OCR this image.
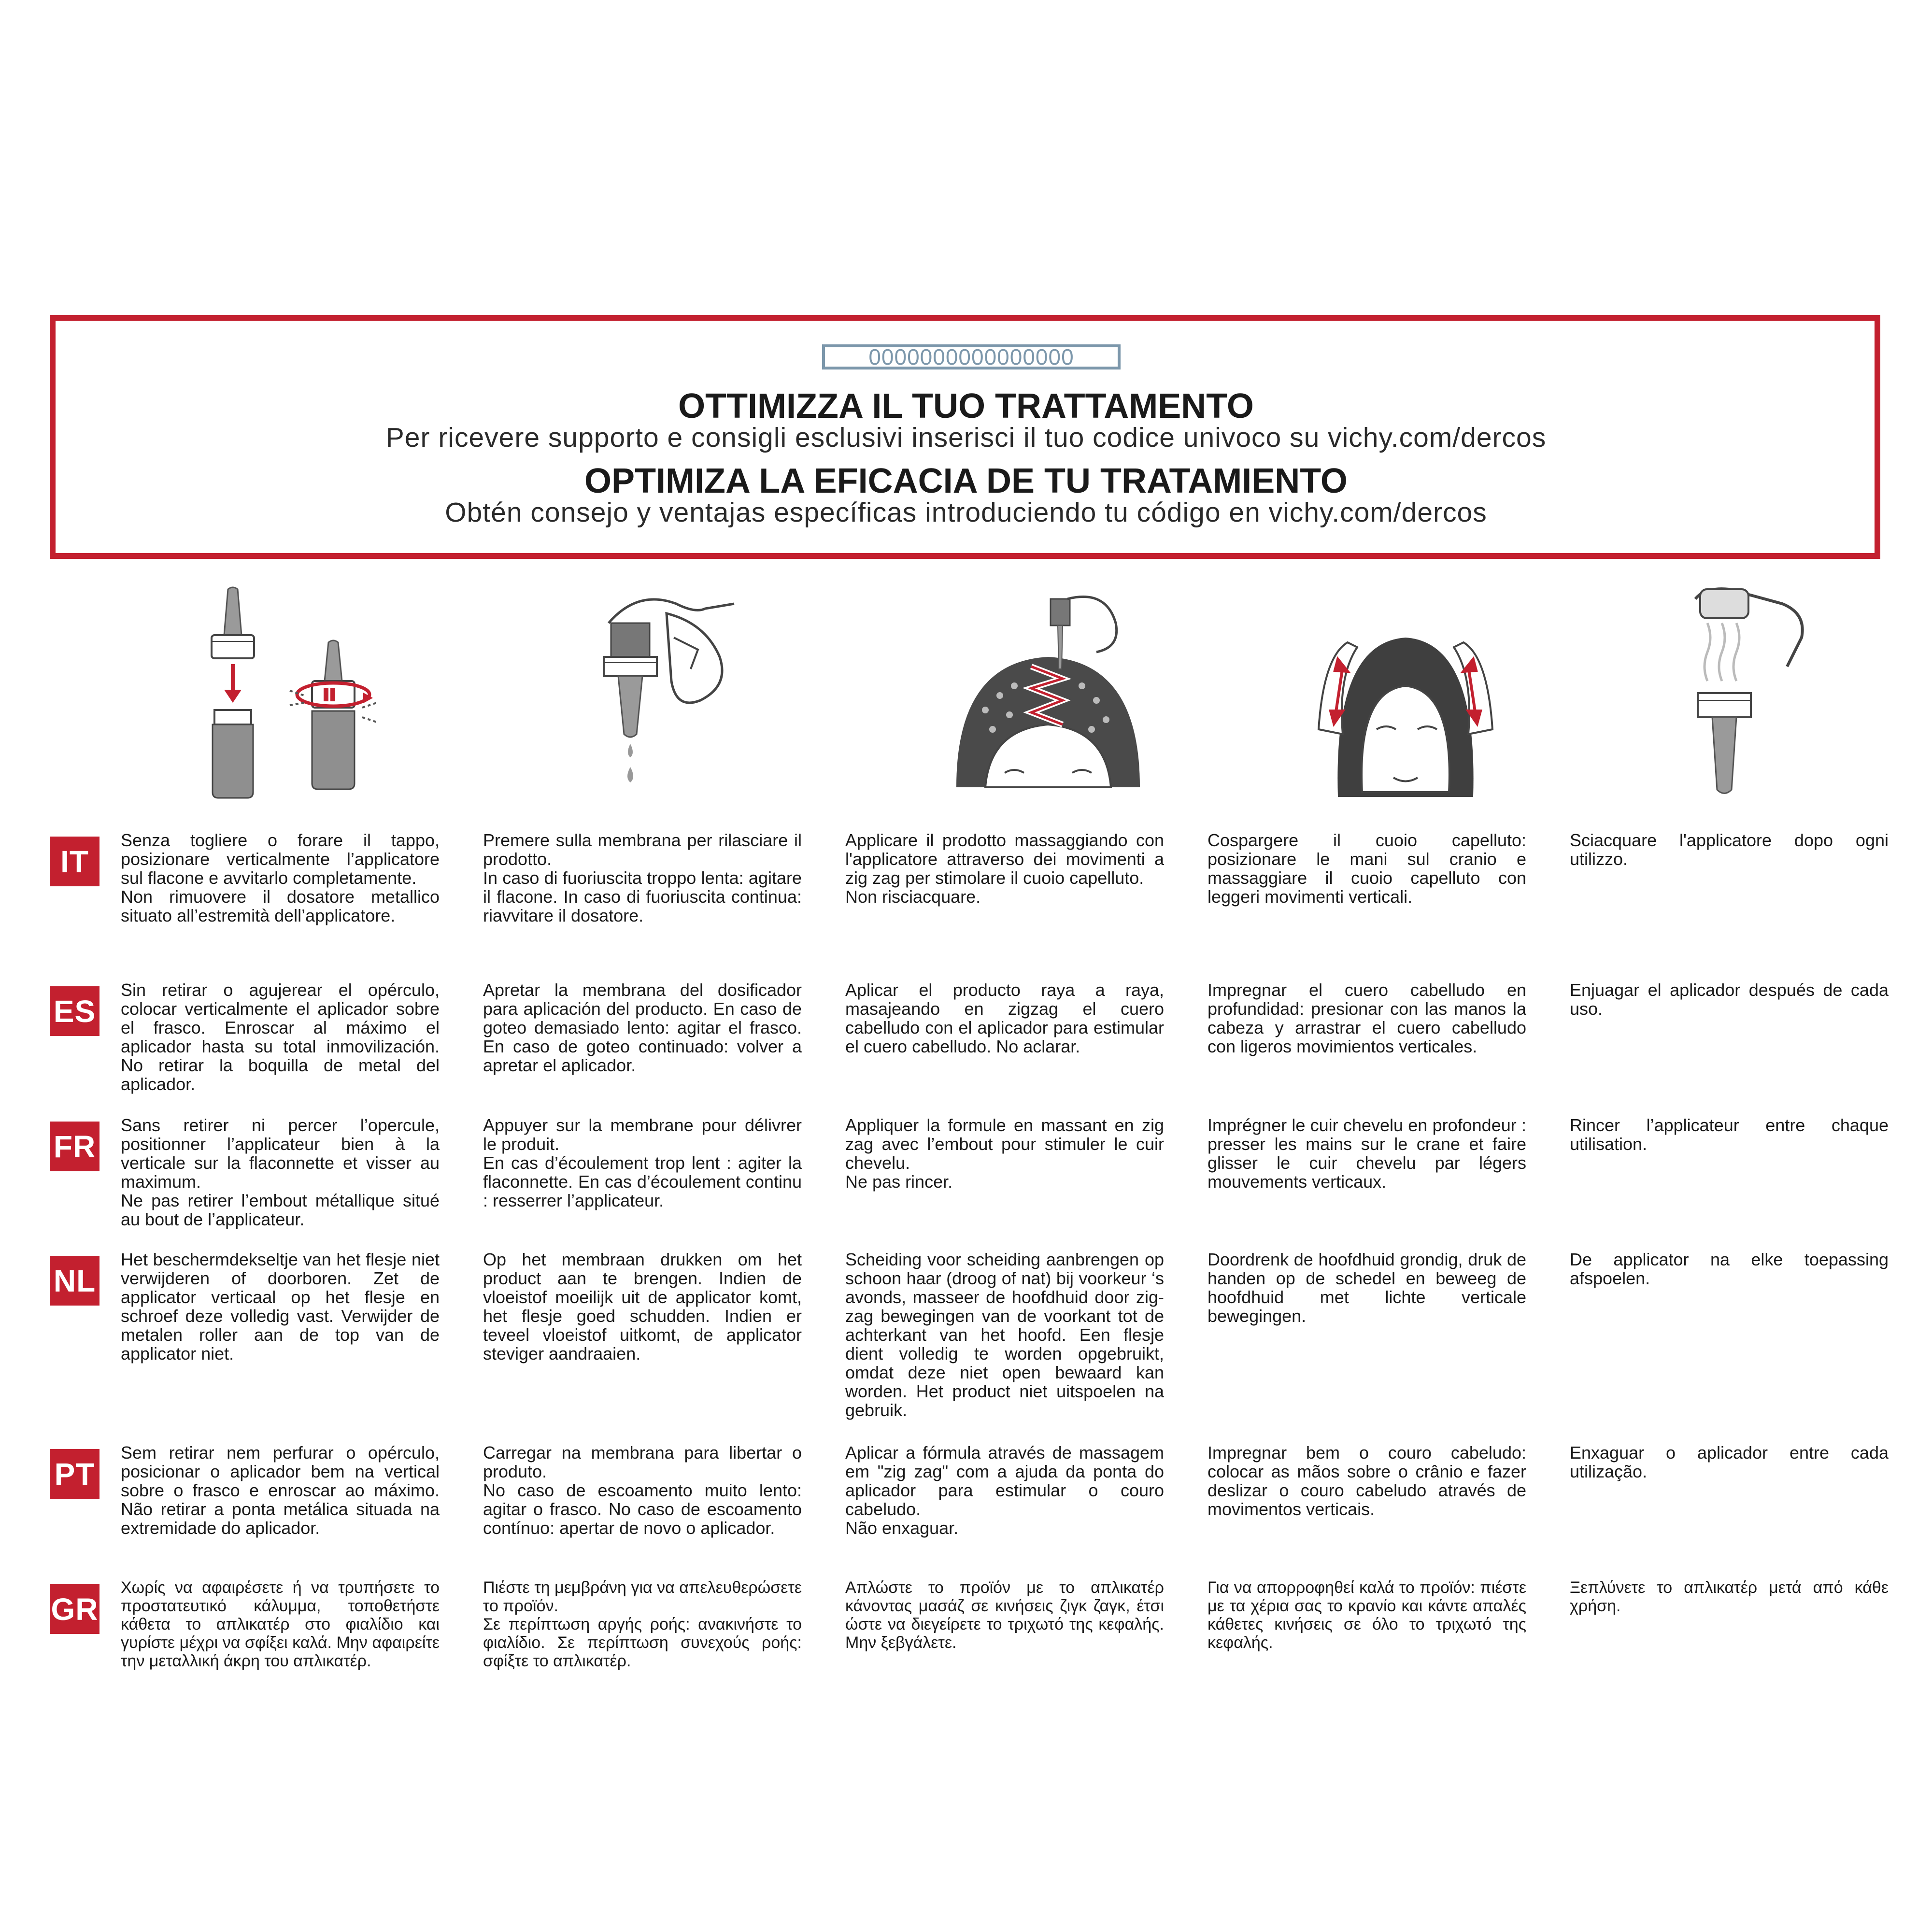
0000000000000000
OTTIMIZZA IL TUO TRATTAMENTO
Per ricevere supporto e consigli esclusivi inserisci il tuo codice univoco su vichy.com/dercos
OPTIMIZA LA EFICACIA DE TU TRATAMIENTO
Obtén consejo y ventajas específicas introduciendo tu código en vichy.com/dercos
IT
Senza togliere o forare il tappo, posizionare verticalmente l’applicatore sul flacone e avvitarlo completamente.
Non rimuovere il dosatore metallico situato all’estremità dell’applicatore.
Premere sulla membrana per rilasciare il prodotto.
In caso di fuoriuscita troppo lenta: agitare il flacone. In caso di fuoriuscita continua: riavvitare il dosatore.
Applicare il prodotto massaggiando con l'applicatore attraverso dei movimenti a zig zag per stimolare il cuoio capelluto.
Non risciacquare.
Cospargere il cuoio capelluto: posizionare le mani sul cranio e massaggiare il cuoio capelluto con leggeri movimenti verticali.
Sciacquare l'applicatore dopo ogni utilizzo.
ES
Sin retirar o agujerear el opérculo, colocar verticalmente el aplicador sobre el frasco. Enroscar al máximo el aplicador hasta su total inmovilización. No retirar la boquilla de metal del aplicador.
Apretar la membrana del dosificador para aplicación del producto. En caso de goteo demasiado lento: agitar el frasco. En caso de goteo continuado: volver a apretar el aplicador.
Aplicar el producto raya a raya, masajeando en zigzag el cuero cabelludo con el aplicador para estimular el cuero cabelludo. No aclarar.
Impregnar el cuero cabelludo en profundidad: presionar con las manos la cabeza y arrastrar el cuero cabelludo con ligeros movimientos verticales.
Enjuagar el aplicador después de cada uso.
FR
Sans retirer ni percer l’opercule, positionner l’applicateur bien à la verticale sur la flaconnette et visser au maximum.
Ne pas retirer l’embout métallique situé au bout de l’applicateur.
Appuyer sur la membrane pour délivrer le produit.
En cas d’écoulement trop lent : agiter la flaconnette. En cas d’écoulement continu : resserrer l’applicateur.
Appliquer la formule en massant en zig zag avec l’embout pour stimuler le cuir chevelu.
Ne pas rincer.
Imprégner le cuir chevelu en profondeur : presser les mains sur le crane et faire glisser le cuir chevelu par légers mouvements verticaux.
Rincer l’applicateur entre chaque utilisation.
NL
Het beschermdekseltje van het flesje niet verwijderen of doorboren. Zet de applicator verticaal op het flesje en schroef deze volledig vast. Verwijder de metalen roller aan de top van de applicator niet.
Op het membraan drukken om het product aan te brengen. Indien de vloeistof moeilijk uit de applicator komt, het flesje goed schudden. Indien er teveel vloeistof uitkomt, de applicator steviger aandraaien.
Scheiding voor scheiding aanbrengen op schoon haar (droog of nat) bij voorkeur ‘s avonds, masseer de hoofdhuid door zig-zag bewegingen van de voorkant tot de achterkant van het hoofd. Een flesje dient volledig te worden opgebruikt, omdat deze niet open bewaard kan worden. Het product niet uitspoelen na gebruik.
Doordrenk de hoofdhuid grondig, druk de handen op de schedel en beweeg de hoofdhuid met lichte verticale bewegingen.
De applicator na elke toepassing afspoelen.
PT
Sem retirar nem perfurar o opérculo, posicionar o aplicador bem na vertical sobre o frasco e enroscar ao máximo. Não retirar a ponta metálica situada na extremidade do aplicador.
Carregar na membrana para libertar o produto.
No caso de escoamento muito lento: agitar o frasco. No caso de escoamento contínuo: apertar de novo o aplicador.
Aplicar a fórmula através de massagem em "zig zag" com a ajuda da ponta do aplicador para estimular o couro cabeludo.
Não enxaguar.
Impregnar bem o couro cabeludo: colocar as mãos sobre o crânio e fazer deslizar o couro cabeludo através de movimentos verticais.
Enxaguar o aplicador entre cada utilização.
GR
Χωρίς να αφαιρέσετε ή να τρυπήσετε το προστατευτικό κάλυμμα, τοποθετήστε κάθετα το απλικατέρ στο φιαλίδιο και γυρίστε μέχρι να σφίξει καλά. Μην αφαιρείτε την μεταλλική άκρη του απλικατέρ.
Πιέστε τη μεμβράνη για να απελευθερώσετε το προϊόν.
Σε περίπτωση αργής ροής: ανακινήστε το φιαλίδιο. Σε περίπτωση συνεχούς ροής: σφίξτε το απλικατέρ.
Απλώστε το προϊόν με το απλικατέρ κάνοντας μασάζ σε κινήσεις ζιγκ ζαγκ, έτσι ώστε να διεγείρετε το τριχωτό της κεφαλής. Μην ξεβγάλετε.
Για να απορροφηθεί καλά το προϊόν: πιέστε με τα χέρια σας το κρανίο και κάντε απαλές κάθετες κινήσεις σε όλο το τριχωτό της κεφαλής.
Ξεπλύνετε το απλικατέρ μετά από κάθε χρήση.
